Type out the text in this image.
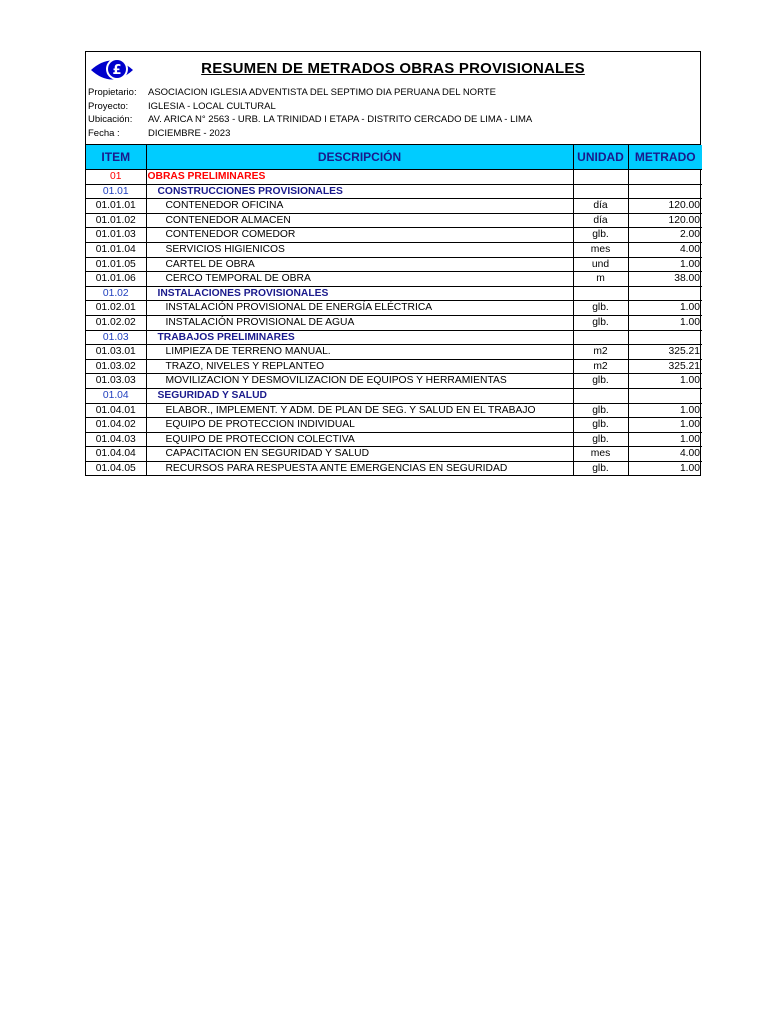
£	RESUMEN DE METRADOS OBRAS PROVISIONALES
Propietario: ASOCIACION IGLESIA ADVENTISTA DEL SEPTIMO DIA PERUANA DEL NORTE
Proyecto: IGLESIA - LOCAL CULTURAL
Ubicación: AV. ARICA N° 2563 - URB. LA TRINIDAD I ETAPA - DISTRITO CERCADO DE LIMA - LIMA
Fecha :	DICIEMBRE - 2023
ITEM	DESCRIPCIÓN	UNIDAD	METRADO
01	OBRAS PRELIMINARES		
01.01	CONSTRUCCIONES PROVISIONALES		
01.01.01	CONTENEDOR OFICINA	día	120.00
01.01.02	CONTENEDOR ALMACEN	día	120.00
01.01.03	CONTENEDOR COMEDOR	glb.	2.00
01.01.04	SERVICIOS HIGIENICOS	mes	4.00
01.01.05	CARTEL DE OBRA	und	1.00
01.01.06	CERCO TEMPORAL DE OBRA	m	38.00
01.02	INSTALACIONES PROVISIONALES		
01.02.01	INSTALACIÓN PROVISIONAL DE ENERGÍA ELÉCTRICA	glb.	1.00
01.02.02	INSTALACIÓN PROVISIONAL DE AGUA	glb.	1.00
01.03	TRABAJOS PRELIMINARES		
01.03.01	LIMPIEZA DE TERRENO MANUAL.	m2	325.21
01.03.02	TRAZO, NIVELES Y REPLANTEO	m2	325.21
01.03.03	MOVILIZACION Y DESMOVILIZACION DE EQUIPOS Y HERRAMIENTAS	glb.	1.00
01.04	SEGURIDAD Y SALUD		
01.04.01	ELABOR., IMPLEMENT. Y ADM. DE PLAN DE SEG. Y SALUD EN EL TRABAJO	glb.	1.00
01.04.02	EQUIPO DE PROTECCION INDIVIDUAL	glb.	1.00
01.04.03	EQUIPO DE PROTECCION COLECTIVA	glb.	1.00
01.04.04	CAPACITACION EN SEGURIDAD Y SALUD	mes	4.00
01.04.05	RECURSOS PARA RESPUESTA ANTE EMERGENCIAS EN SEGURIDAD	glb.	1.00
